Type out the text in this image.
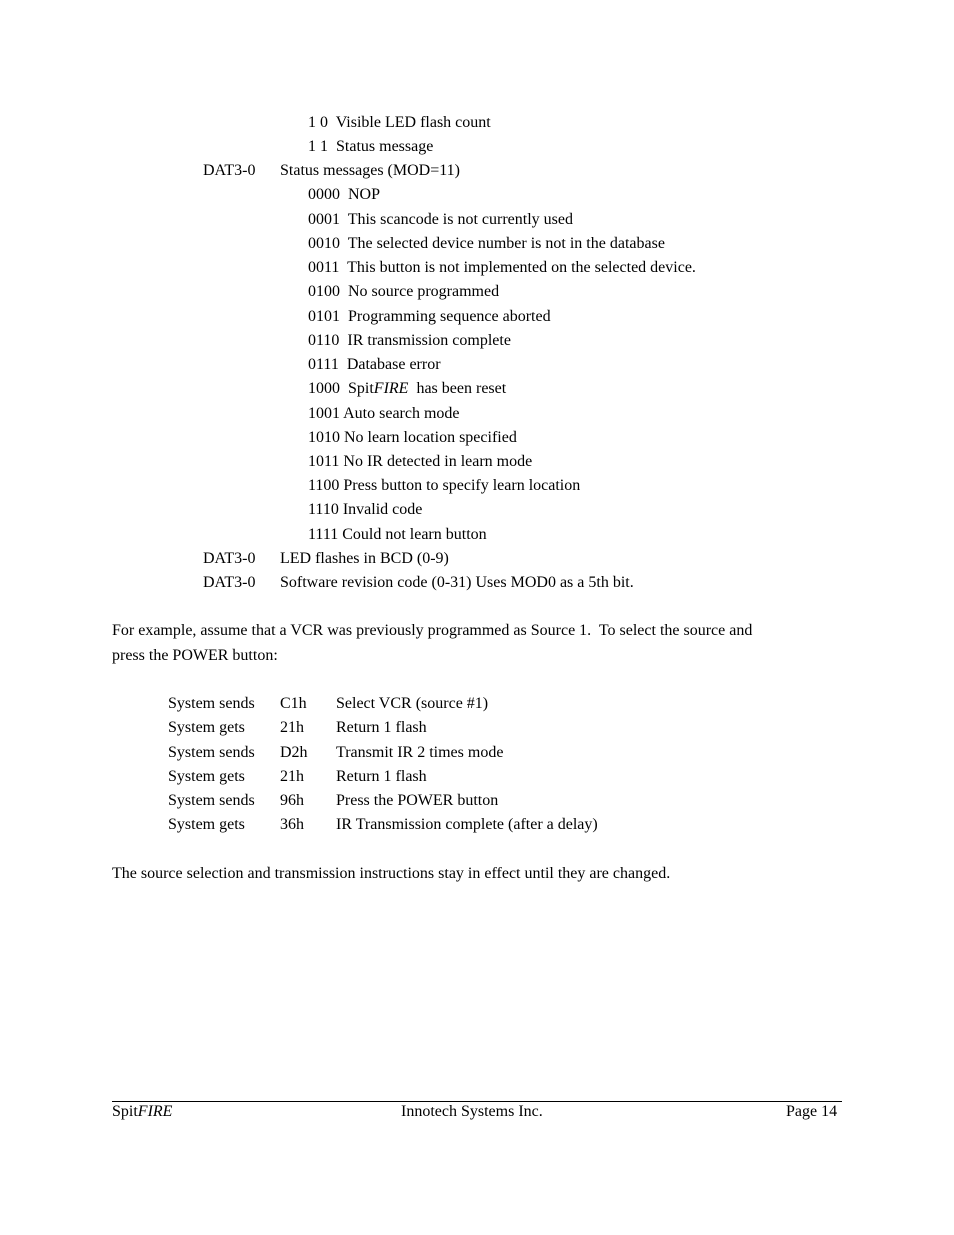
1 0  Visible LED flash count
1 1  Status message
DAT3-0 Status messages (MOD=11)
0000  NOP
0001  This scancode is not currently used
0010  The selected device number is not in the database
0011  This button is not implemented on the selected device.
0100  No source programmed
0101  Programming sequence aborted
0110  IR transmission complete
0111  Database error
1000  SpitFIRE  has been reset
1001 Auto search mode
1010 No learn location specified
1011 No IR detected in learn mode
1100 Press button to specify learn location
1110 Invalid code
1111 Could not learn button
DAT3-0 LED flashes in BCD (0-9)
DAT3-0 Software revision code (0-31) Uses MOD0 as a 5th bit.
For example, assume that a VCR was previously programmed as Source 1.  To select the source and
press the POWER button:
System sends C1h Select VCR (source #1)
System gets 21h Return 1 flash
System sends D2h Transmit IR 2 times mode
System gets 21h Return 1 flash
System sends 96h Press the POWER button
System gets 36h IR Transmission complete (after a delay)
The source selection and transmission instructions stay in effect until they are changed.
SpitFIRE	Innotech Systems Inc.	Page 14
